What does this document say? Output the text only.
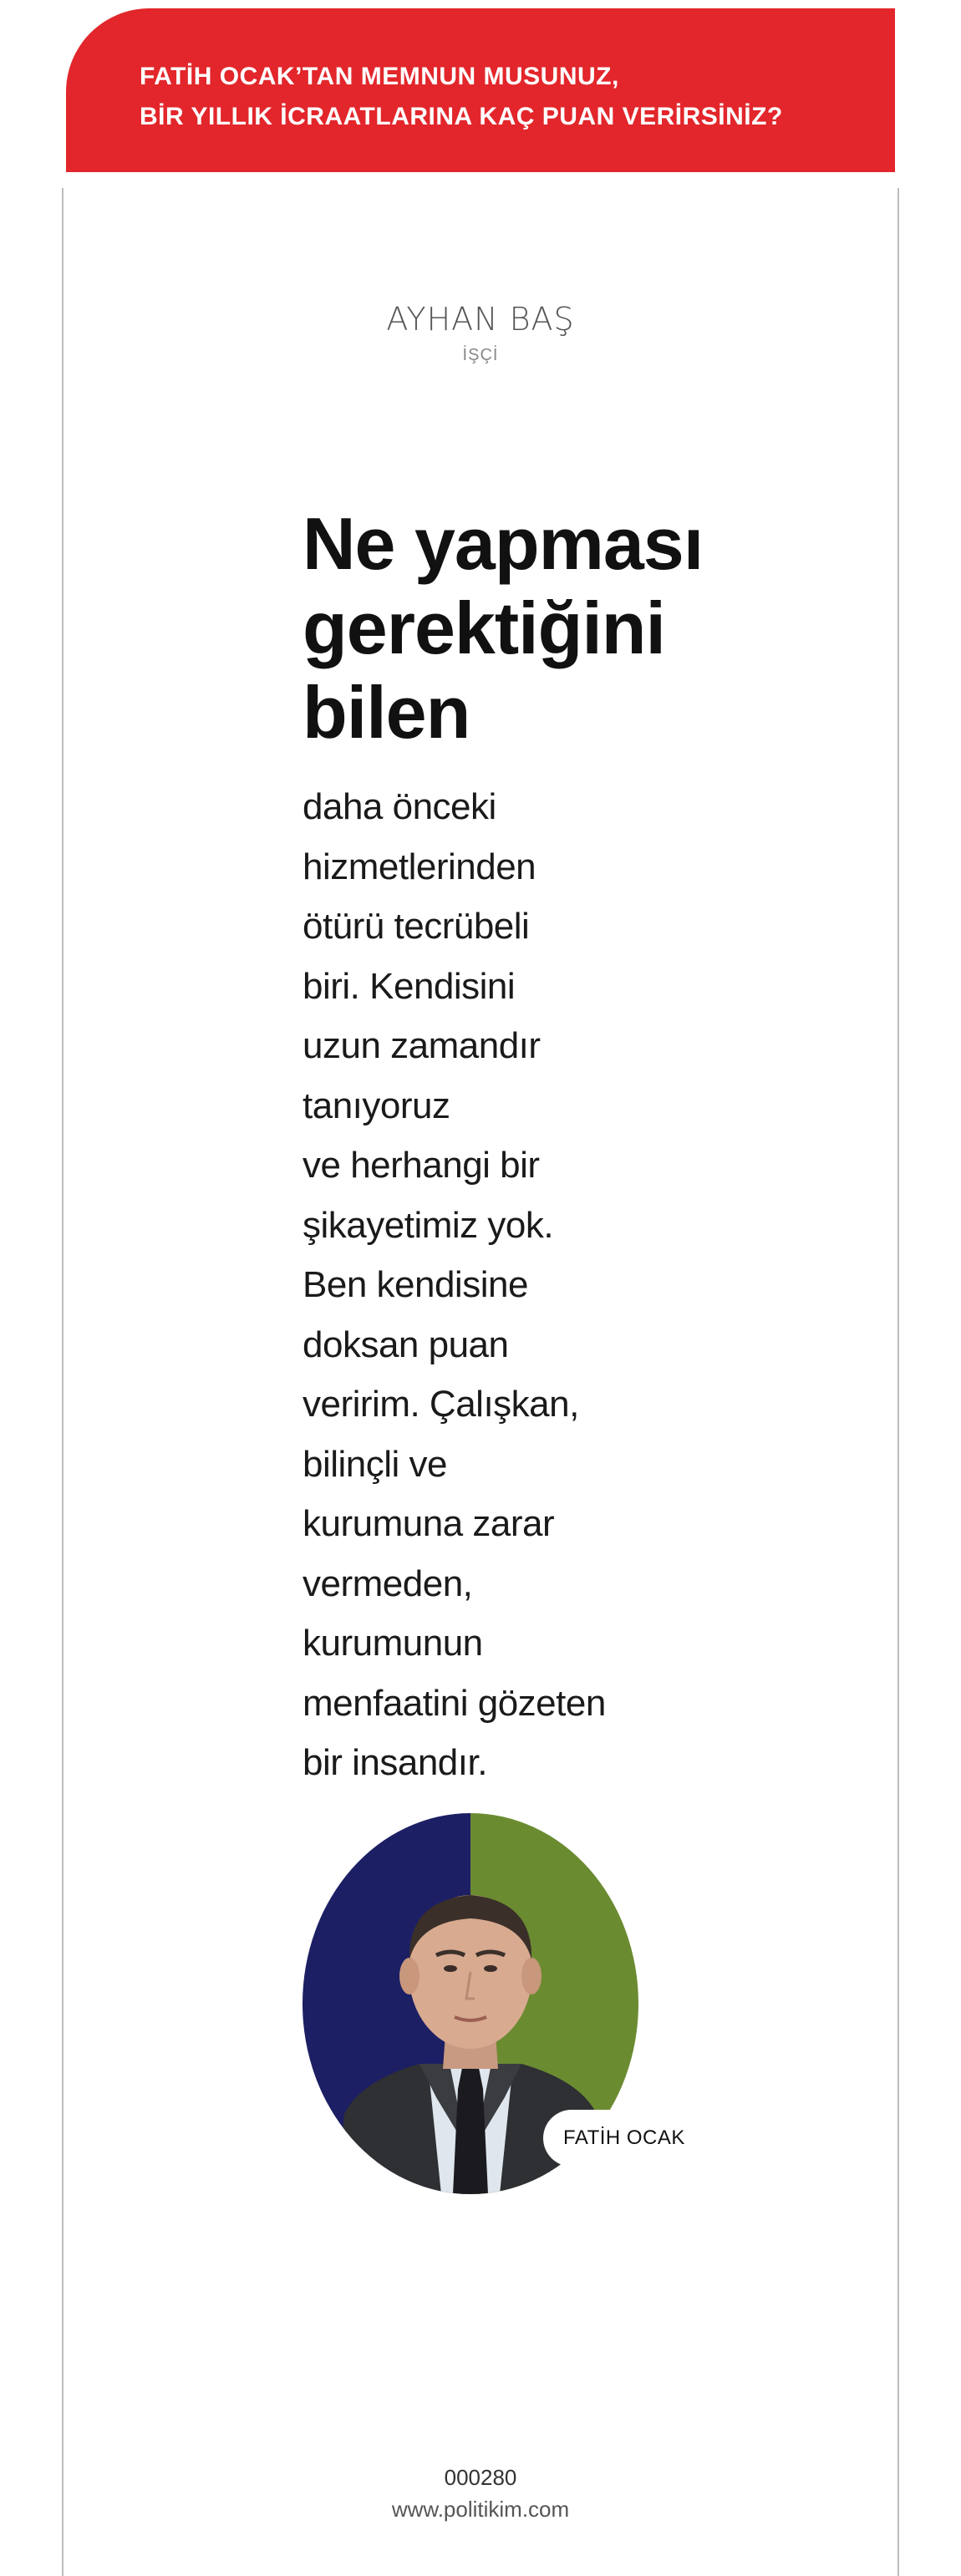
FATİH OCAK’TAN MEMNUN MUSUNUZ,
BİR YILLIK İCRAATLARINA KAÇ PUAN VERİRSİNİZ?
AYHAN BAŞ
İŞÇİ
Ne yapması
gerektiğini
bilen
daha önceki
hizmetlerinden
ötürü tecrübeli
biri. Kendisini
uzun zamandır
tanıyoruz
ve herhangi bir
şikayetimiz yok.
Ben kendisine
doksan puan
veririm. Çalışkan,
bilinçli ve
kurumuna zarar
vermeden,
kurumunun
menfaatini gözeten
bir insandır.
FATİH OCAK
000280
www.politikim.com
